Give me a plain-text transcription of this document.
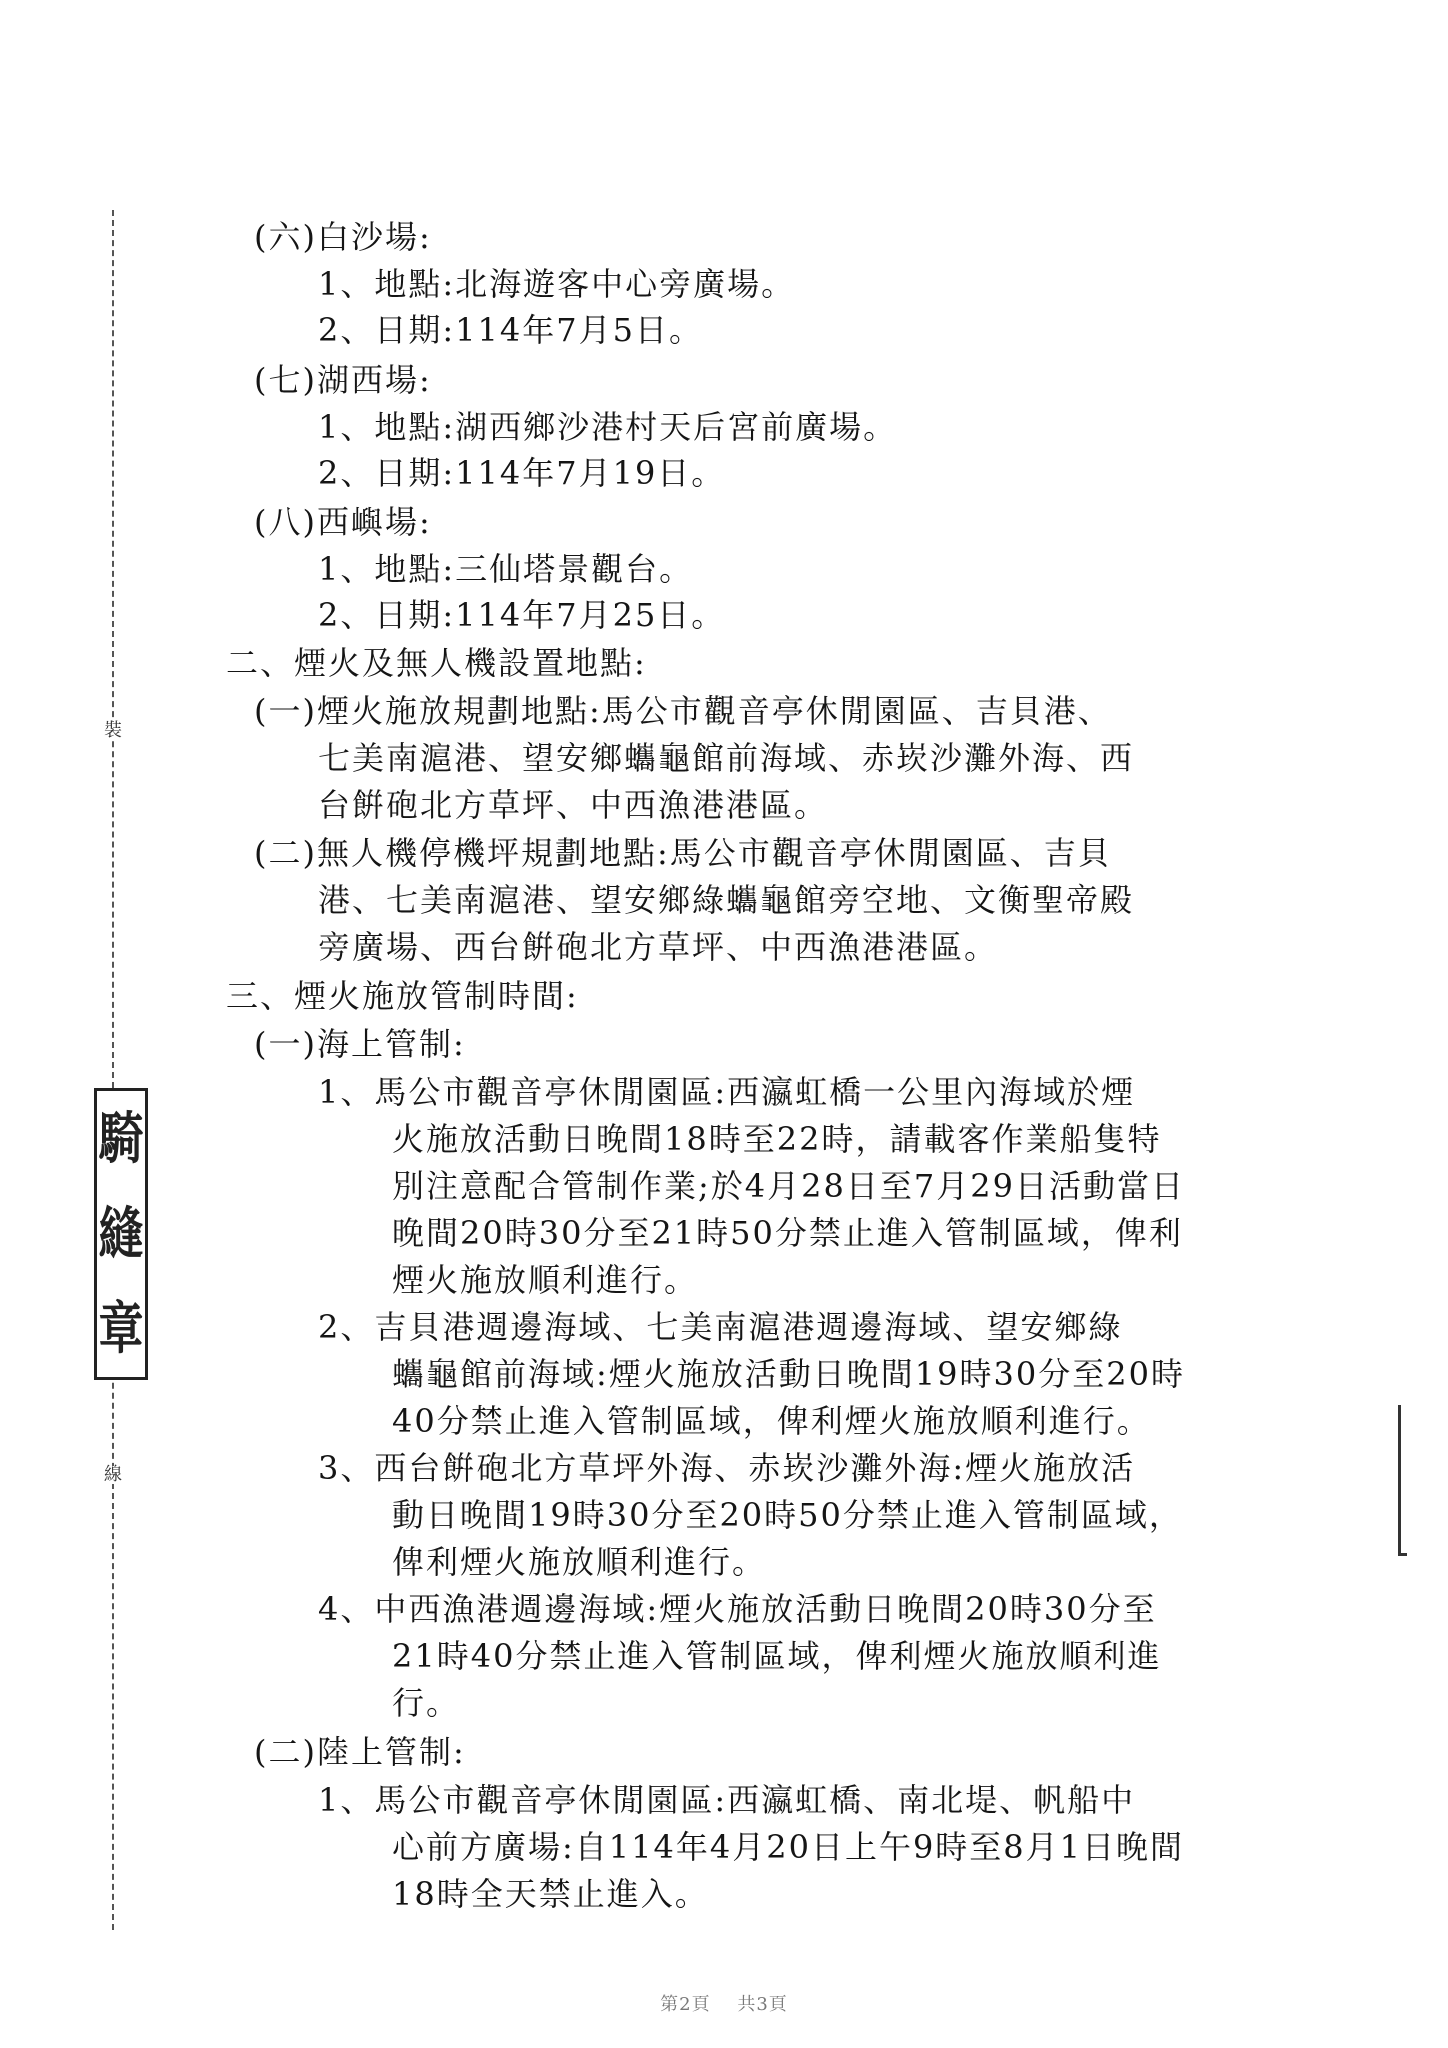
裝
線
騎
縫
章

(六)白沙場:

1、地點:北海遊客中心旁廣場。

2、日期:114年7月5日。

(七)湖西場:

1、地點:湖西鄉沙港村天后宮前廣場。

2、日期:114年7月19日。

(八)西嶼場:

1、地點:三仙塔景觀台。

2、日期:114年7月25日。

二、煙火及無人機設置地點:

(一)煙火施放規劃地點:馬公市觀音亭休閒園區、吉貝港、

七美南滬港、望安鄉蠵龜館前海域、赤崁沙灘外海、西

台餠砲北方草坪、中西漁港港區。

(二)無人機停機坪規劃地點:馬公市觀音亭休閒園區、吉貝

港、七美南滬港、望安鄉綠蠵龜館旁空地、文衡聖帝殿

旁廣場、西台餠砲北方草坪、中西漁港港區。

三、煙火施放管制時間:

(一)海上管制:

1、馬公市觀音亭休閒園區:西瀛虹橋一公里內海域於煙

火施放活動日晚間18時至22時，請載客作業船隻特

別注意配合管制作業;於4月28日至7月29日活動當日

晚間20時30分至21時50分禁止進入管制區域，俾利

煙火施放順利進行。

2、吉貝港週邊海域、七美南滬港週邊海域、望安鄉綠

蠵龜館前海域:煙火施放活動日晚間19時30分至20時

40分禁止進入管制區域，俾利煙火施放順利進行。

3、西台餠砲北方草坪外海、赤崁沙灘外海:煙火施放活

動日晚間19時30分至20時50分禁止進入管制區域，

俾利煙火施放順利進行。

4、中西漁港週邊海域:煙火施放活動日晚間20時30分至

21時40分禁止進入管制區域，俾利煙火施放順利進

行。

(二)陸上管制:

1、馬公市觀音亭休閒園區:西瀛虹橋、南北堤、帆船中

心前方廣場:自114年4月20日上午9時至8月1日晚間

18時全天禁止進入。

第2頁 共3頁
